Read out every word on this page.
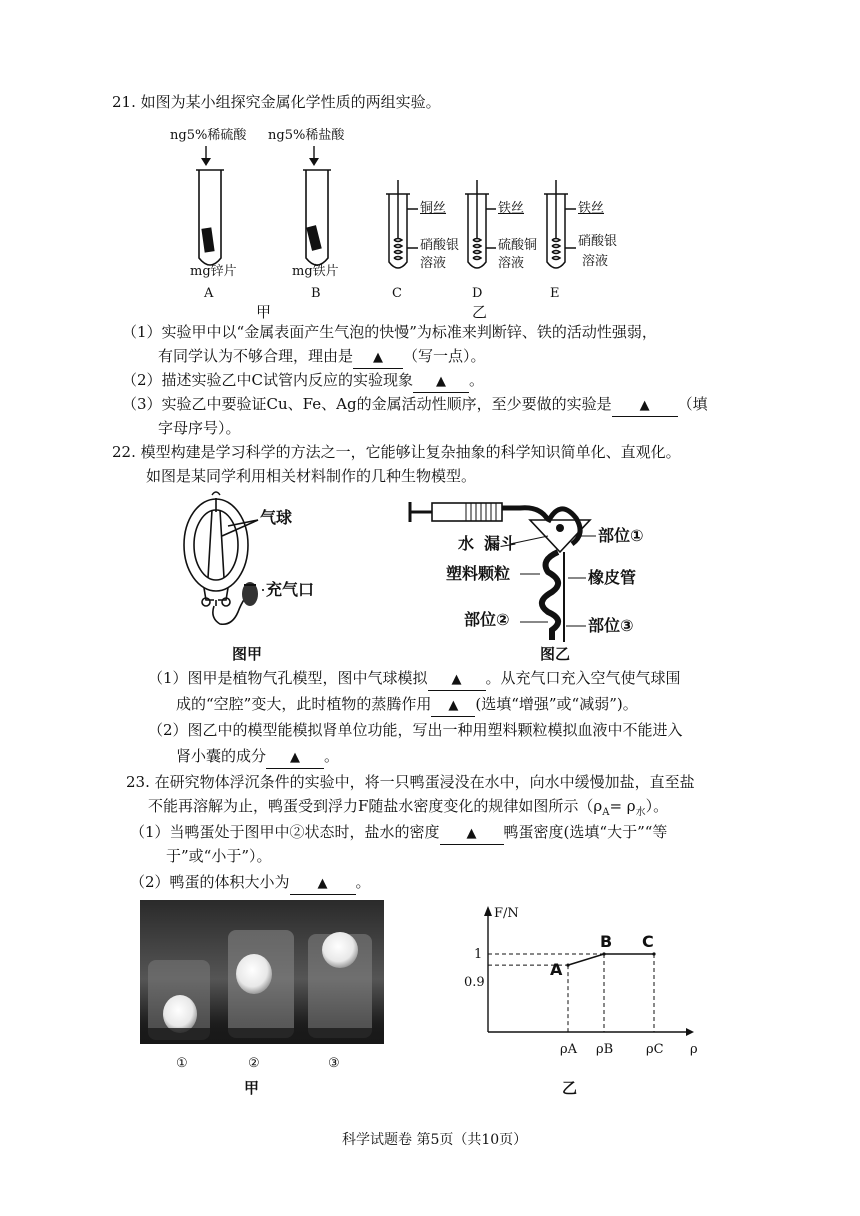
21. 如图为某小组探究金属化学性质的两组实验。
ng5%稀硫酸 ng5%稀盐酸
mg锌片	mg铁片
A	B	C	D	E
铜丝	铁丝	铁丝
硝酸银
溶液
硫酸铜
溶液
硝酸银
溶液
甲	乙
（1）实验甲中以“金属表面产生气泡的快慢”为标准来判断锌、铁的活动性强弱，
有同学认为不够合理，理由是 ▲ （写一点）。
（2）描述实验乙中C试管内反应的实验现象 ▲ 。
（3）实验乙中要验证Cu、Fe、Ag的金属活动性顺序，至少要做的实验是 ▲ （填
字母序号）。
22. 模型构建是学习科学的方法之一，它能够让复杂抽象的科学知识简单化、直观化。
如图是某同学利用相关材料制作的几种生物模型。
气球
充气口
水 漏斗	部位①
塑料颗粒	橡皮管
部位②	部位③
图甲	图乙
（1）图甲是植物气孔模型，图中气球模拟 ▲ 。从充气口充入空气使气球围
成的“空腔”变大，此时植物的蒸腾作用 ▲ (选填“增强”或“减弱”)。
（2）图乙中的模型能模拟肾单位功能，写出一种用塑料颗粒模拟血液中不能进入
肾小囊的成分 ▲ 。
23. 在研究物体浮沉条件的实验中，将一只鸭蛋浸没在水中，向水中缓慢加盐，直至盐
不能再溶解为止，鸭蛋受到浮力F随盐水密度变化的规律如图所示$(\rho_A= \rho_水)$。
（1）当鸭蛋处于图甲中②状态时，盐水的密度 ▲ 鸭蛋密度(选填“大于”“等
于”或“小于”）。
（2）鸭蛋的体积大小为 ▲ 。
①	②	③
甲
F/N
ρ
1
0.9
ρA ρB	ρC
A
B C
乙
科学试题卷 第5页（共10页）
